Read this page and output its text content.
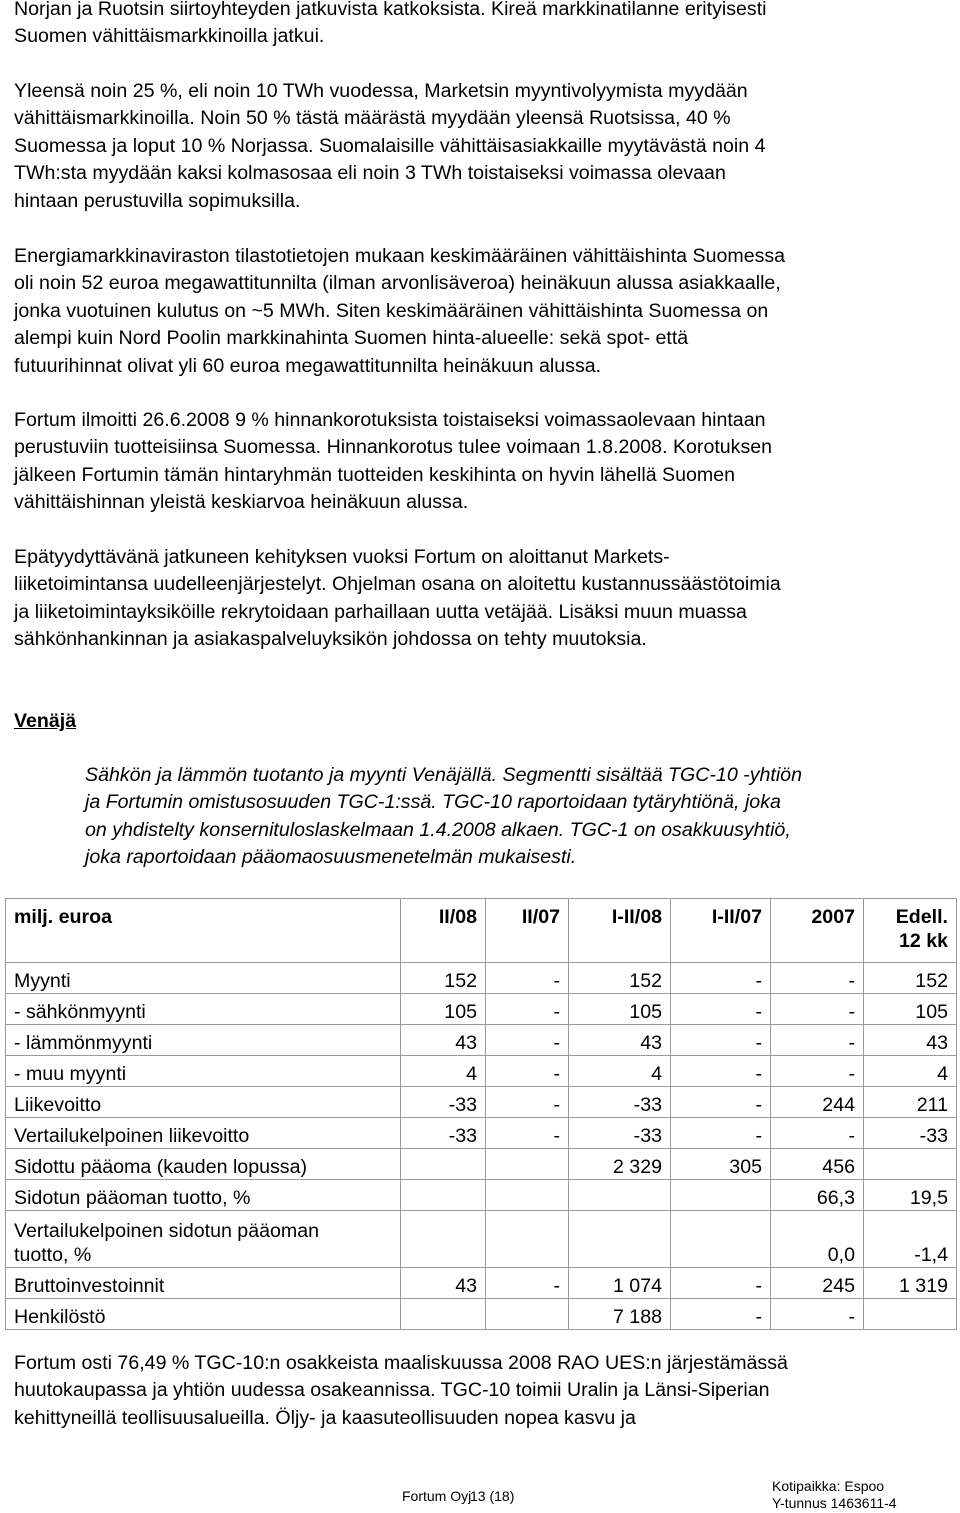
Norjan ja Ruotsin siirtoyhteyden jatkuvista katkoksista. Kireä markkinatilanne erityisesti
Suomen vähittäismarkkinoilla jatkui.

Yleensä noin 25 %, eli noin 10 TWh vuodessa, Marketsin myyntivolyymista myydään
vähittäismarkkinoilla. Noin 50 % tästä määrästä myydään yleensä Ruotsissa, 40 %
Suomessa ja loput 10 % Norjassa. Suomalaisille vähittäisasiakkaille myytävästä noin 4
TWh:sta myydään kaksi kolmasosaa eli noin 3 TWh toistaiseksi voimassa olevaan
hintaan perustuvilla sopimuksilla.

Energiamarkkinaviraston tilastotietojen mukaan keskimääräinen vähittäishinta Suomessa
oli noin 52 euroa megawattitunnilta (ilman arvonlisäveroa) heinäkuun alussa asiakkaalle,
jonka vuotuinen kulutus on ~5 MWh. Siten keskimääräinen vähittäishinta Suomessa on
alempi kuin Nord Poolin markkinahinta Suomen hinta-alueelle: sekä spot- että
futuurihinnat olivat yli 60 euroa megawattitunnilta heinäkuun alussa.

Fortum ilmoitti 26.6.2008 9 % hinnankorotuksista toistaiseksi voimassaolevaan hintaan
perustuviin tuotteisiinsa Suomessa. Hinnankorotus tulee voimaan 1.8.2008. Korotuksen
jälkeen Fortumin tämän hintaryhmän tuotteiden keskihinta on hyvin lähellä Suomen
vähittäishinnan yleistä keskiarvoa heinäkuun alussa.

Epätyydyttävänä jatkuneen kehityksen vuoksi Fortum on aloittanut Markets-
liiketoimintansa uudelleenjärjestelyt. Ohjelman osana on aloitettu kustannussäästötoimia
ja liiketoimintayksiköille rekrytoidaan parhaillaan uutta vetäjää. Lisäksi muun muassa
sähkönhankinnan ja asiakaspalveluyksikön johdossa on tehty muutoksia.

Venäjä

Sähkön ja lämmön tuotanto ja myynti Venäjällä. Segmentti sisältää TGC-10 -yhtiön
ja Fortumin omistusosuuden TGC-1:ssä. TGC-10 raportoidaan tytäryhtiönä, joka
on yhdistelty konsernituloslaskelmaan 1.4.2008 alkaen. TGC-1 on osakkuusyhtiö,
joka raportoidaan pääomaosuusmenetelmän mukaisesti.

milj. euroa	II/08	II/07	I-II/08	I-II/07	2007	Edell.
12 kk
Myynti	152	-	152	-	-	152
- sähkönmyynti	105	-	105	-	-	105
- lämmönmyynti	43	-	43	-	-	43
- muu myynti	4	-	4	-	-	4
Liikevoitto	-33	-	-33	-	244	211
Vertailukelpoinen liikevoitto	-33	-	-33	-	-	-33
Sidottu pääoma (kauden lopussa)			2 329	305	456	
Sidotun pääoman tuotto, %					66,3	19,5
Vertailukelpoinen sidotun pääoman
tuotto, %					0,0	-1,4
Bruttoinvestoinnit	43	-	1 074	-	245	1 319
Henkilöstö			7 188	-	-	

Fortum osti 76,49 % TGC-10:n osakkeista maaliskuussa 2008 RAO UES:n järjestämässä
huutokaupassa ja yhtiön uudessa osakeannissa. TGC-10 toimii Uralin ja Länsi-Siperian
kehittyneillä teollisuusalueilla. Öljy- ja kaasuteollisuuden nopea kasvu ja

Fortum Oyj

13 (18)

Kotipaikka: Espoo
Y-tunnus 1463611-4
